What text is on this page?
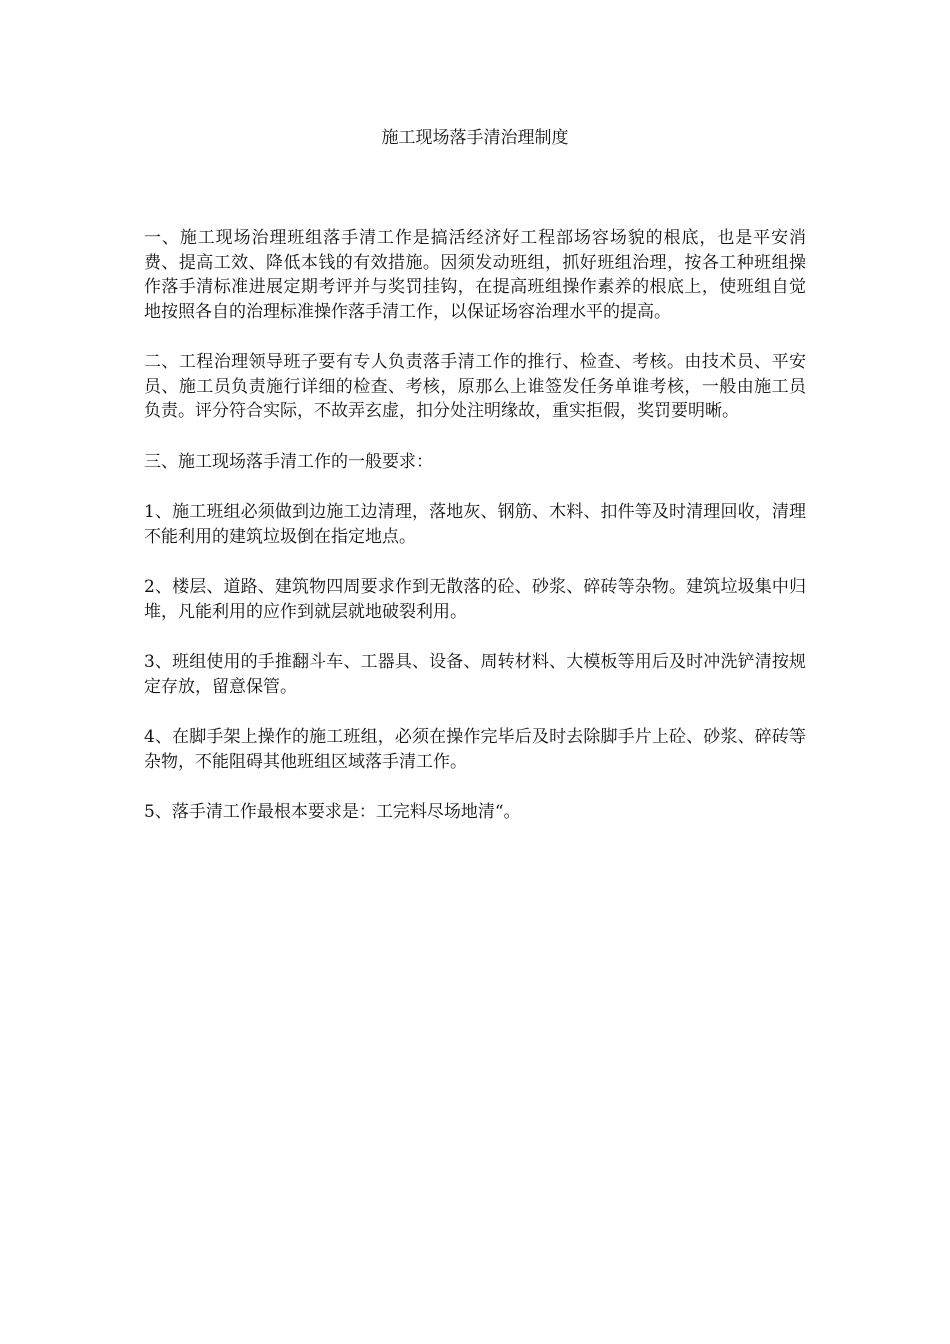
施工现场落手清治理制度

一、施工现场治理班组落手清工作是搞活经济好工程部场容场貌的根底，也是平安消费、提高工效、降低本钱的有效措施。因须发动班组，抓好班组治理，按各工种班组操作落手清标准进展定期考评并与奖罚挂钩，在提高班组操作素养的根底上，使班组自觉地按照各自的治理标准操作落手清工作，以保证场容治理水平的提高。

二、工程治理领导班子要有专人负责落手清工作的推行、检查、考核。由技术员、平安员、施工员负责施行详细的检查、考核，原那么上谁签发任务单谁考核，一般由施工员负责。评分符合实际，不故弄玄虚，扣分处注明缘故，重实拒假，奖罚要明晰。

三、施工现场落手清工作的一般要求：

1、施工班组必须做到边施工边清理，落地灰、钢筋、木料、扣件等及时清理回收，清理不能利用的建筑垃圾倒在指定地点。

2、楼层、道路、建筑物四周要求作到无散落的砼、砂浆、碎砖等杂物。建筑垃圾集中归堆，凡能利用的应作到就层就地破裂利用。

3、班组使用的手推翻斗车、工器具、设备、周转材料、大模板等用后及时冲洗铲清按规定存放，留意保管。

4、在脚手架上操作的施工班组，必须在操作完毕后及时去除脚手片上砼、砂浆、碎砖等杂物，不能阻碍其他班组区域落手清工作。

5、落手清工作最根本要求是：工完料尽场地清“。
